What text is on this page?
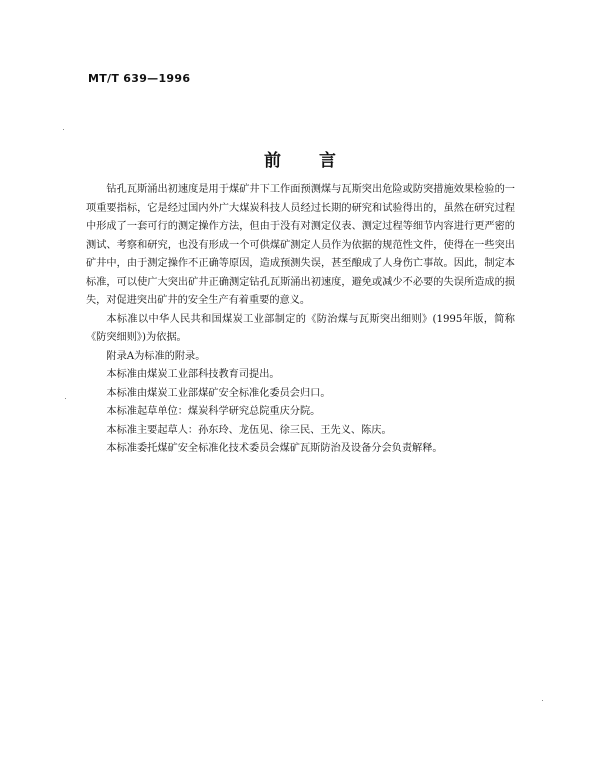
MT/T 639—1996
前言

钻孔瓦斯涌出初速度是用于煤矿井下工作面预测煤与瓦斯突出危险或防突措施效果检验的一项重要指标，它是经过国内外广大煤炭科技人员经过长期的研究和试验得出的，虽然在研究过程中形成了一套可行的测定操作方法，但由于没有对测定仪表、测定过程等细节内容进行更严密的测试、考察和研究，也没有形成一个可供煤矿测定人员作为依据的规范性文件，使得在一些突出矿井中，由于测定操作不正确等原因，造成预测失误，甚至酿成了人身伤亡事故。因此，制定本标准，可以使广大突出矿井正确测定钻孔瓦斯涌出初速度，避免或减少不必要的失误所造成的损失，对促进突出矿井的安全生产有着重要的意义。

本标准以中华人民共和国煤炭工业部制定的《防治煤与瓦斯突出细则》(1995年版，简称《防突细则》)为依据。

附录A为标准的附录。

本标准由煤炭工业部科技教育司提出。

本标准由煤炭工业部煤矿安全标准化委员会归口。

本标准起草单位：煤炭科学研究总院重庆分院。

本标准主要起草人：孙东玲、龙伍见、徐三民、王先义、陈庆。

本标准委托煤矿安全标准化技术委员会煤矿瓦斯防治及设备分会负责解释。
